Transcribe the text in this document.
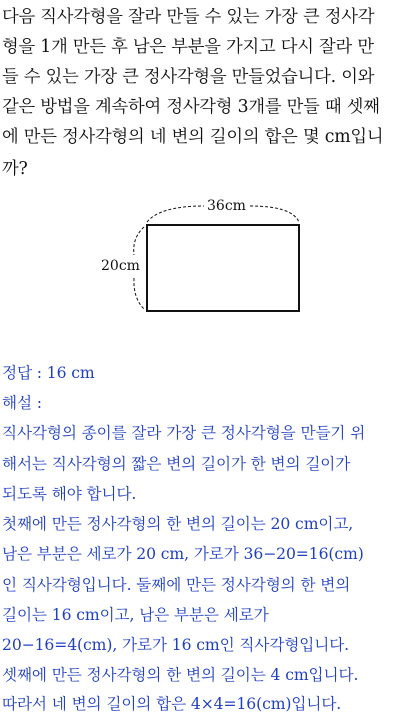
다음 직사각형을 잘라 만들 수 있는 가장 큰 정사각
형을 1개 만든 후 남은 부분을 가지고 다시 잘라 만
들 수 있는 가장 큰 정사각형을 만들었습니다. 이와
같은 방법을 계속하여 정사각형 3개를 만들 때 셋째
에 만든 정사각형의 네 변의 길이의 합은 몇 cm입니
까?
36cm
20cm
정답 : 16 cm
해설 :
직사각형의 종이를 잘라 가장 큰 정사각형을 만들기 위
해서는 직사각형의 짧은 변의 길이가 한 변의 길이가
되도록 해야 합니다.
첫째에 만든 정사각형의 한 변의 길이는 20 cm이고,
남은 부분은 세로가 20 cm, 가로가 36−20=16(cm)
인 직사각형입니다. 둘째에 만든 정사각형의 한 변의
길이는 16 cm이고, 남은 부분은 세로가
20−16=4(cm), 가로가 16 cm인 직사각형입니다.
셋째에 만든 정사각형의 한 변의 길이는 4 cm입니다.
따라서 네 변의 길이의 합은 4×4=16(cm)입니다.
